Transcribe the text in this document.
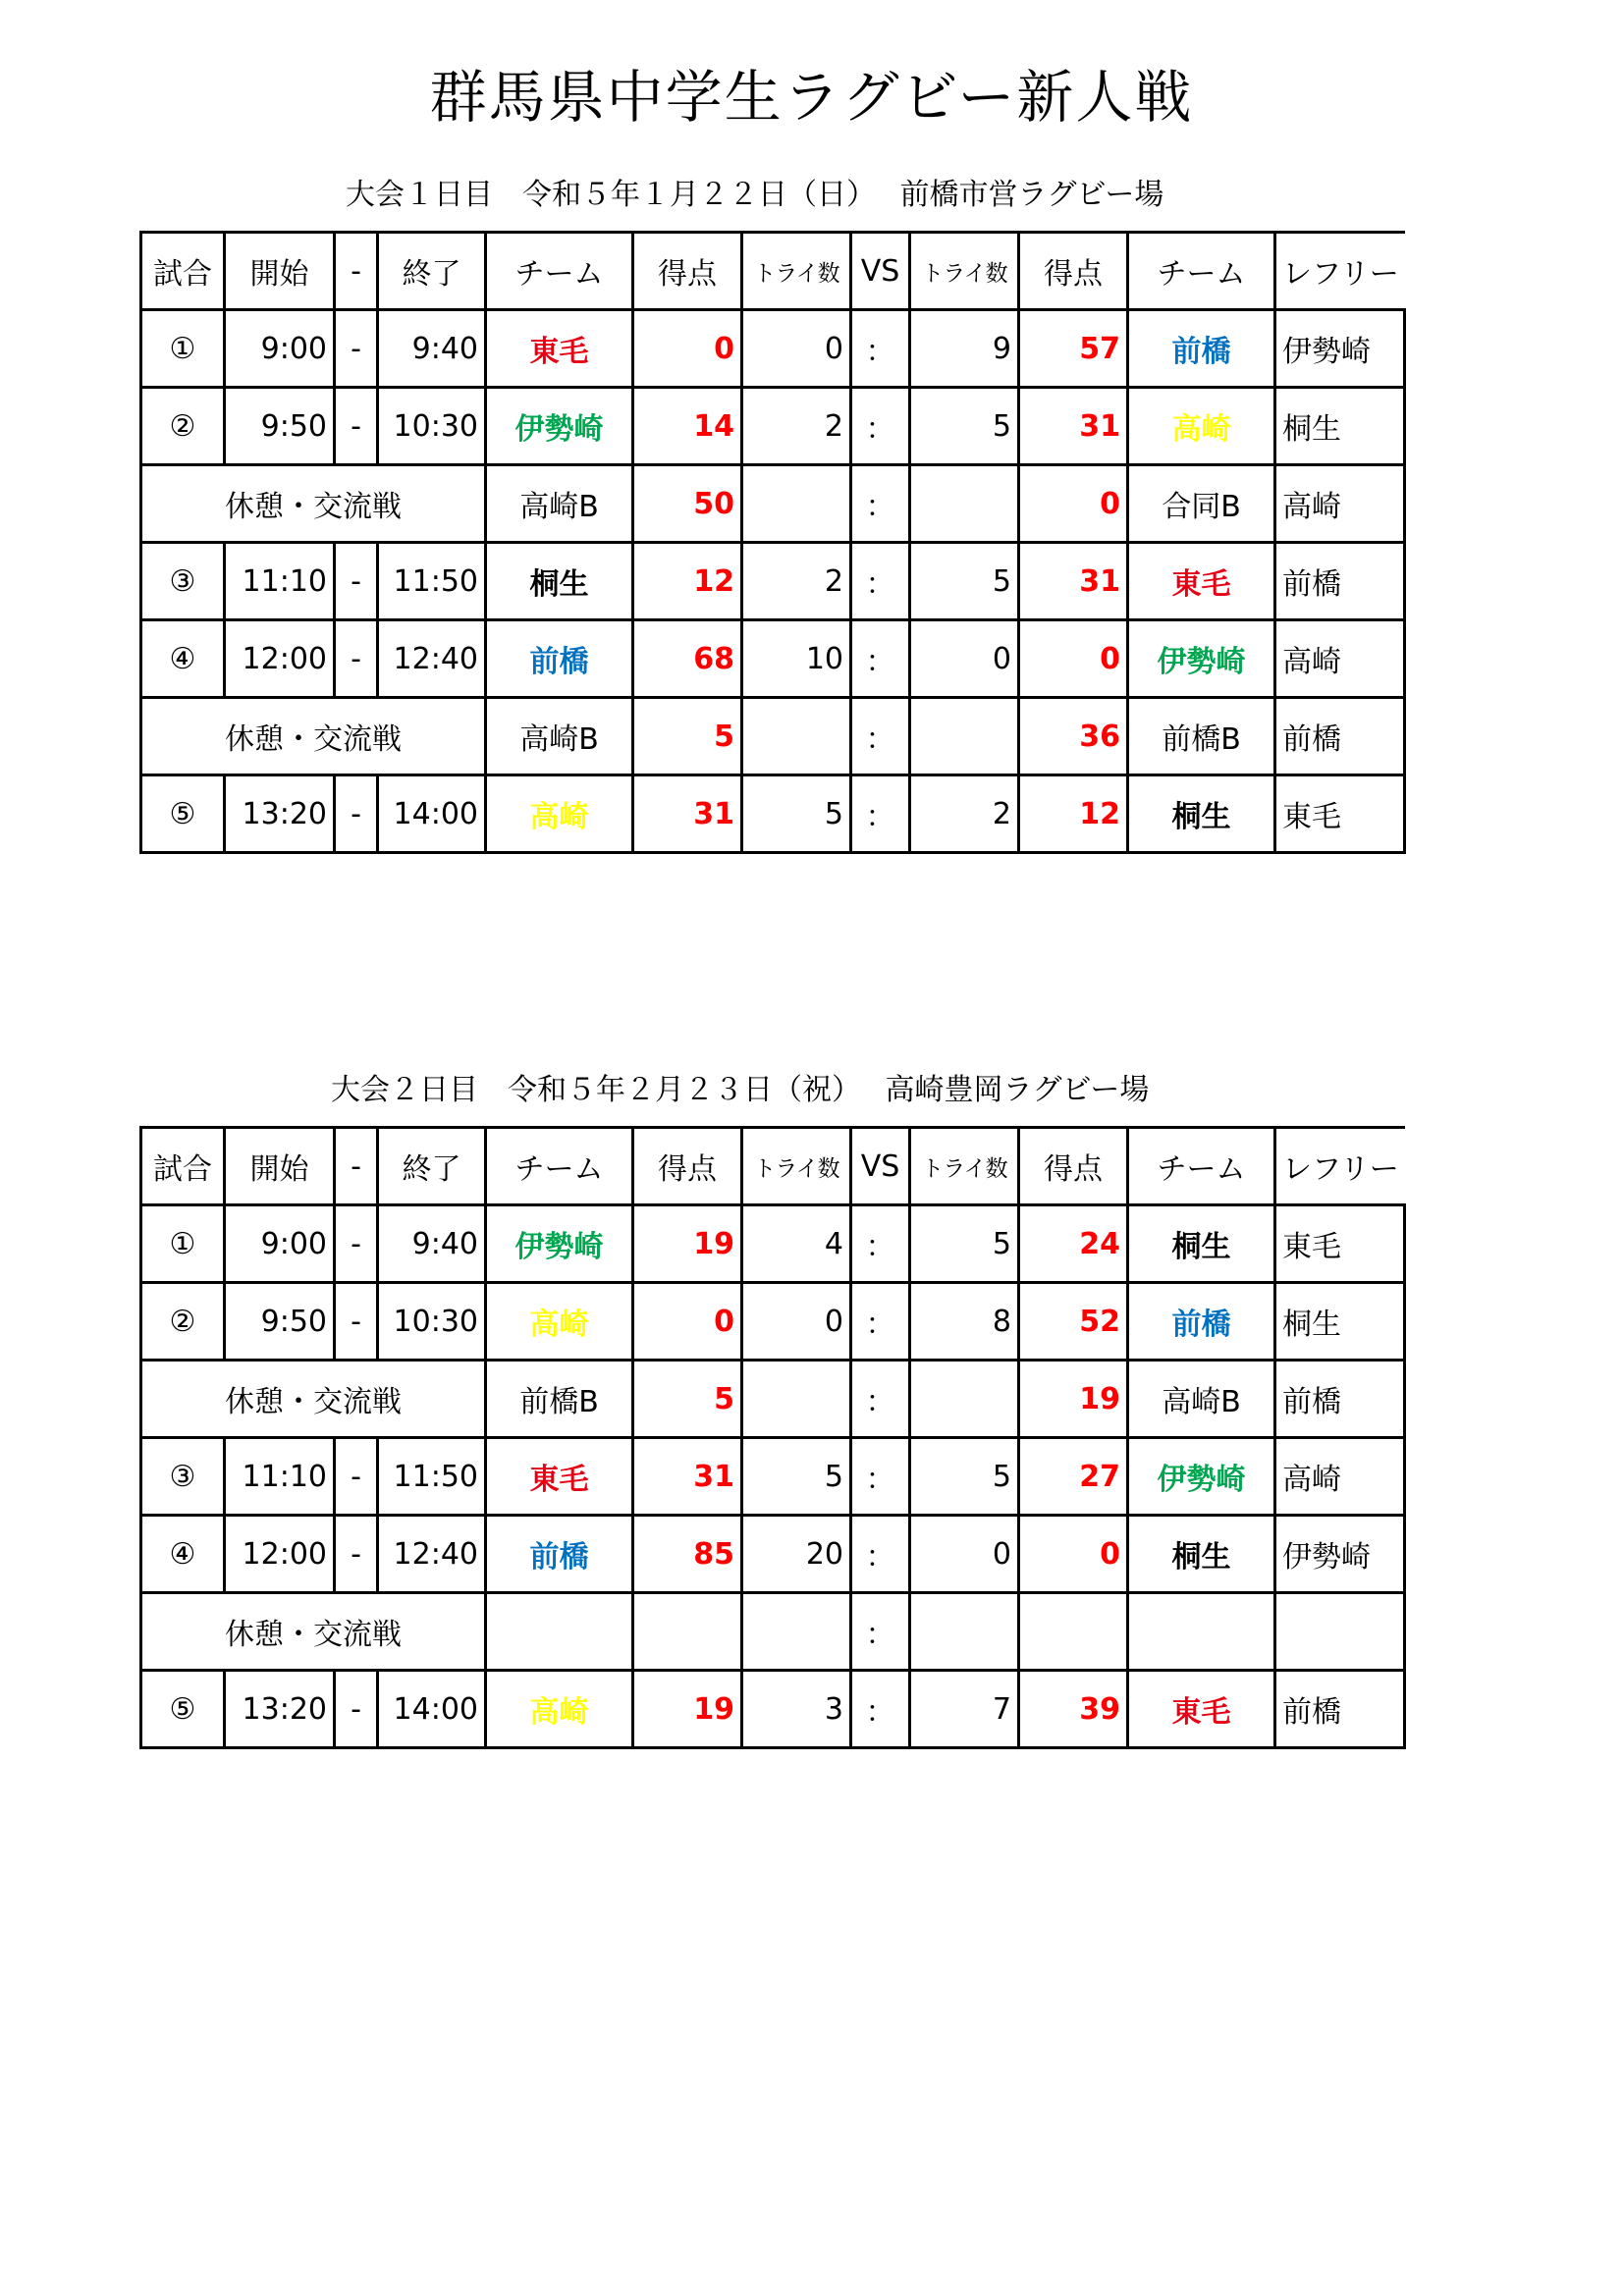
群馬県中学生ラグビー新人戦
大会１日目　令和５年１月２２日（日）　 前橋市営ラグビー場
試合	開始	-	終了	チーム	得点	トライ数	VS	トライ数	得点	チーム	レフリー
①	9:00	-	9:40	東毛	0	0	：	9	57	前橋	伊勢崎
②	9:50	-	10:30	伊勢崎	14	2	：	5	31	高崎	桐生
休憩・交流戦				高崎B	50		：		0	合同B	高崎
③	11:10	-	11:50	桐生	12	2	：	5	31	東毛	前橋
④	12:00	-	12:40	前橋	68	10	：	0	0	伊勢崎	高崎
休憩・交流戦				高崎B	5		：		36	前橋B	前橋
⑤	13:20	-	14:00	高崎	31	5	：	2	12	桐生	東毛
大会２日目　令和５年２月２３日（祝）　 高崎豊岡ラグビー場
試合	開始	-	終了	チーム	得点	トライ数	VS	トライ数	得点	チーム	レフリー
①	9:00	-	9:40	伊勢崎	19	4	：	5	24	桐生	東毛
②	9:50	-	10:30	高崎	0	0	：	8	52	前橋	桐生
休憩・交流戦				前橋B	5		：		19	高崎B	前橋
③	11:10	-	11:50	東毛	31	5	：	5	27	伊勢崎	高崎
④	12:00	-	12:40	前橋	85	20	：	0	0	桐生	伊勢崎
休憩・交流戦							：				
⑤	13:20	-	14:00	高崎	19	3	：	7	39	東毛	前橋
